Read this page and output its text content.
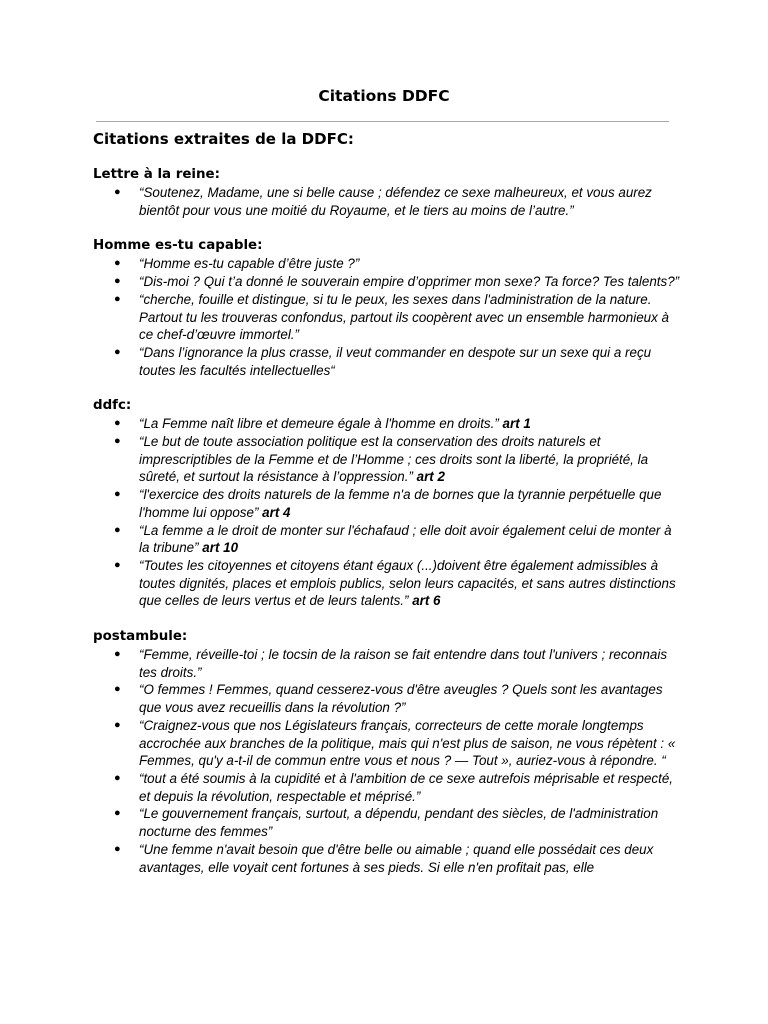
Citations DDFC
Citations extraites de la DDFC:
Lettre à la reine:
● “Soutenez, Madame, une si belle cause ; défendez ce sexe malheureux, et vous aurez bientôt pour vous une moitié du Royaume, et le tiers au moins de l’autre.”
Homme es-tu capable:
● “Homme es-tu capable d’être juste ?”
● “Dis-moi ? Qui t’a donné le souverain empire d’opprimer mon sexe? Ta force? Tes talents?”
● “cherche, fouille et distingue, si tu le peux, les sexes dans l'administration de la nature. Partout tu les trouveras confondus, partout ils coopèrent avec un ensemble harmonieux à ce chef-d’œuvre immortel.”
● “Dans l’ignorance la plus crasse, il veut commander en despote sur un sexe qui a reçu toutes les facultés intellectuelles“
ddfc:
● “La Femme naît libre et demeure égale à l'homme en droits.” art 1
● “Le but de toute association politique est la conservation des droits naturels et imprescriptibles de la Femme et de l’Homme ; ces droits sont la liberté, la propriété, la sûreté, et surtout la résistance à l’oppression.” art 2
● “l'exercice des droits naturels de la femme n'a de bornes que la tyrannie perpétuelle que l'homme lui oppose” art 4
● “La femme a le droit de monter sur l'échafaud ; elle doit avoir également celui de monter à la tribune” art 10
● “Toutes les citoyennes et citoyens étant égaux (...)doivent être également admissibles à toutes dignités, places et emplois publics, selon leurs capacités, et sans autres distinctions que celles de leurs vertus et de leurs talents.” art 6
postambule:
● “Femme, réveille-toi ; le tocsin de la raison se fait entendre dans tout l'univers ; reconnais tes droits.”
● “O femmes ! Femmes, quand cesserez-vous d'être aveugles ? Quels sont les avantages que vous avez recueillis dans la révolution ?”
● “Craignez-vous que nos Législateurs français, correcteurs de cette morale longtemps accrochée aux branches de la politique, mais qui n'est plus de saison, ne vous répètent : « Femmes, qu'y a-t-il de commun entre vous et nous ? — Tout », auriez-vous à répondre. “
● “tout a été soumis à la cupidité et à l'ambition de ce sexe autrefois méprisable et respecté, et depuis la révolution, respectable et méprisé.”
● “Le gouvernement français, surtout, a dépendu, pendant des siècles, de l'administration nocturne des femmes”
● “Une femme n'avait besoin que d'être belle ou aimable ; quand elle possédait ces deux avantages, elle voyait cent fortunes à ses pieds. Si elle n'en profitait pas, elle
